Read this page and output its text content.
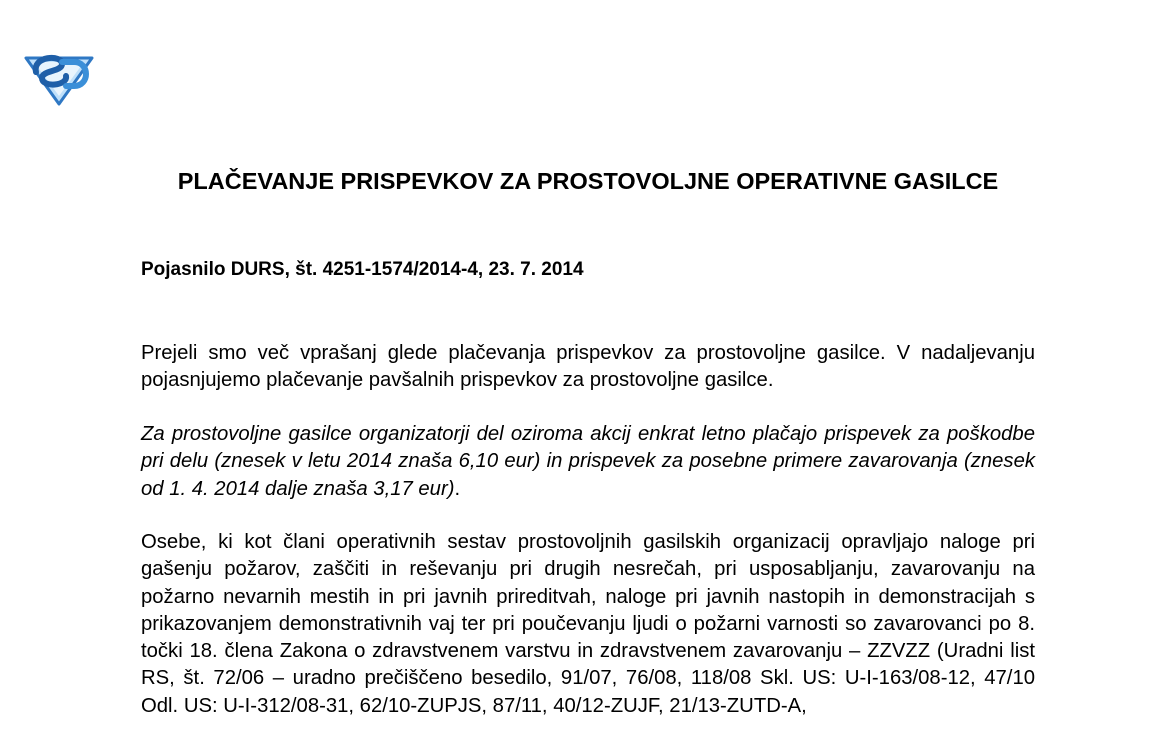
PLAČEVANJE PRISPEVKOV ZA PROSTOVOLJNE OPERATIVNE GASILCE

Pojasnilo DURS, št. 4251-1574/2014-4, 23. 7. 2014

Prejeli smo več vprašanj glede plačevanja prispevkov za prostovoljne gasilce. V nadaljevanju pojasnjujemo plačevanje pavšalnih prispevkov za prostovoljne gasilce.

Za prostovoljne gasilce organizatorji del oziroma akcij enkrat letno plačajo prispevek za poškodbe pri delu (znesek v letu 2014 znaša 6,10 eur) in prispevek za posebne primere zavarovanja (znesek od 1. 4. 2014 dalje znaša 3,17 eur).

Osebe, ki kot člani operativnih sestav prostovoljnih gasilskih organizacij opravljajo naloge pri gašenju požarov, zaščiti in reševanju pri drugih nesrečah, pri usposabljanju, zavarovanju na požarno nevarnih mestih in pri javnih prireditvah, naloge pri javnih nastopih in demonstracijah s prikazovanjem demonstrativnih vaj ter pri poučevanju ljudi o požarni varnosti so zavarovanci po 8. točki 18. člena Zakona o zdravstvenem varstvu in zdravstvenem zavarovanju – ZZVZZ (Uradni list RS, št. 72/06 – uradno prečiščeno besedilo, 91/07, 76/08, 118/08 Skl. US: U-I-163/08-12, 47/10 Odl. US: U-I-312/08-31, 62/10-ZUPJS, 87/11, 40/12-ZUJF, 21/13-ZUTD-A,
